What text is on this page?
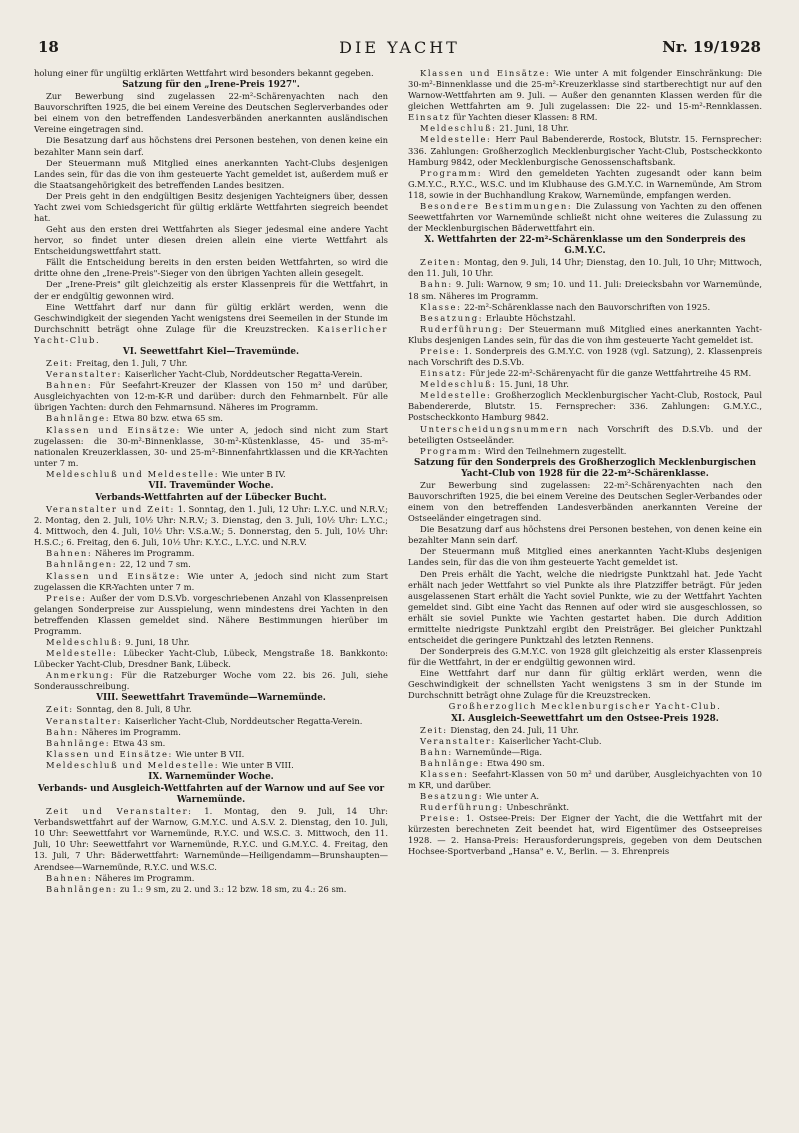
18	DIE YACHT	Nr. 19/1928

holung einer für ungültig erklärten Wettfahrt wird besonders bekannt gegeben.

Satzung für den „Irene-Preis 1927".

Zur Bewerbung sind zugelassen 22-m²-Schärenyachten nach den Bauvorschriften 1925, die bei einem Vereine des Deutschen Seglerverbandes oder bei einem von den betreffenden Landesverbänden anerkannten ausländischen Vereine eingetragen sind.

Die Besatzung darf aus höchstens drei Personen bestehen, von denen keine ein bezahlter Mann sein darf.

Der Steuermann muß Mitglied eines anerkannten Yacht-Clubs desjenigen Landes sein, für das die von ihm gesteuerte Yacht gemeldet ist, außerdem muß er die Staatsangehörigkeit des betreffenden Landes besitzen.

Der Preis geht in den endgültigen Besitz desjenigen Yachteigners über, dessen Yacht zwei vom Schiedsgericht für gültig erklärte Wettfahrten siegreich beendet hat.

Geht aus den ersten drei Wettfahrten als Sieger jedesmal eine andere Yacht hervor, so findet unter diesen dreien allein eine vierte Wettfahrt als Entscheidungswettfahrt statt.

Fällt die Entscheidung bereits in den ersten beiden Wettfahrten, so wird die dritte ohne den „Irene-Preis"-Sieger von den übrigen Yachten allein gesegelt.

Der „Irene-Preis" gilt gleichzeitig als erster Klassenpreis für die Wettfahrt, in der er endgültig gewonnen wird.

Eine Wettfahrt darf nur dann für gültig erklärt werden, wenn die Geschwindigkeit der siegenden Yacht wenigstens drei Seemeilen in der Stunde im Durchschnitt beträgt ohne Zulage für die Kreuzstrecken. Kaiserlicher Yacht-Club.

VI. Seewettfahrt Kiel—Travemünde.

Zeit: Freitag, den 1. Juli, 7 Uhr.

Veranstalter: Kaiserlicher Yacht-Club, Norddeutscher Regatta-Verein.

Bahnen: Für Seefahrt-Kreuzer der Klassen von 150 m² und darüber, Ausgleichyachten von 12-m-K-R und darüber: durch den Fehmarnbelt. Für alle übrigen Yachten: durch den Fehmarnsund. Näheres im Programm.

Bahnlänge: Etwa 80 bzw. etwa 65 sm.

Klassen und Einsätze: Wie unter A, jedoch sind nicht zum Start zugelassen: die 30-m²-Binnenklasse, 30-m²-Küstenklasse, 45- und 35-m²- nationalen Kreuzerklassen, 30- und 25-m²-Binnenfahrtklassen und die KR-Yachten unter 7 m.

Meldeschluß und Meldestelle: Wie unter B IV.

VII. Travemünder Woche.
Verbands-Wettfahrten auf der Lübecker Bucht.

Veranstalter und Zeit: 1. Sonntag, den 1. Juli, 12 Uhr: L.Y.C. und N.R.V.; 2. Montag, den 2. Juli, 10½ Uhr: N.R.V.; 3. Dienstag, den 3. Juli, 10½ Uhr: L.Y.C.; 4. Mittwoch, den 4. Juli, 10½ Uhr: V.S.a.W.; 5. Donnerstag, den 5. Juli, 10½ Uhr: H.S.C.; 6. Freitag, den 6. Juli, 10½ Uhr: K.Y.C., L.Y.C. und N.R.V.

Bahnen: Näheres im Programm.

Bahnlängen: 22, 12 und 7 sm.

Klassen und Einsätze: Wie unter A, jedoch sind nicht zum Start zugelassen die KR-Yachten unter 7 m.

Preise: Außer der vom D.S.Vb. vorgeschriebenen Anzahl von Klassenpreisen gelangen Sonderpreise zur Ausspielung, wenn mindestens drei Yachten in den betreffenden Klassen gemeldet sind. Nähere Bestimmungen hierüber im Programm.

Meldeschluß: 9. Juni, 18 Uhr.

Meldestelle: Lübecker Yacht-Club, Lübeck, Mengstraße 18. Bankkonto: Lübecker Yacht-Club, Dresdner Bank, Lübeck.

Anmerkung: Für die Ratzeburger Woche vom 22. bis 26. Juli, siehe Sonderausschreibung.

VIII. Seewettfahrt Travemünde—Warnemünde.

Zeit: Sonntag, den 8. Juli, 8 Uhr.

Veranstalter: Kaiserlicher Yacht-Club, Norddeutscher Regatta-Verein.

Bahn: Näheres im Programm.

Bahnlänge: Etwa 43 sm.

Klassen und Einsätze: Wie unter B VII.

Meldeschluß und Meldestelle: Wie unter B VIII.

IX. Warnemünder Woche.
Verbands- und Ausgleich-Wettfahrten auf der Warnow und auf See vor Warnemünde.

Zeit und Veranstalter: 1. Montag, den 9. Juli, 14 Uhr: Verbandswettfahrt auf der Warnow, G.M.Y.C. und A.S.V. 2. Dienstag, den 10. Juli, 10 Uhr: Seewettfahrt vor Warnemünde, R.Y.C. und W.S.C. 3. Mittwoch, den 11. Juli, 10 Uhr: Seewettfahrt vor Warnemünde, R.Y.C. und G.M.Y.C. 4. Freitag, den 13. Juli, 7 Uhr: Bäderwettfahrt: Warnemünde—Heiligendamm—Brunshaupten—Arendsee—Warnemünde, R.Y.C. und W.S.C.

Bahnen: Näheres im Programm.

Bahnlängen: zu 1.: 9 sm, zu 2. und 3.: 12 bzw. 18 sm, zu 4.: 26 sm.

Klassen und Einsätze: Wie unter A mit folgender Einschränkung: Die 30-m²-Binnenklasse und die 25-m²-Kreuzerklasse sind startberechtigt nur auf den Warnow-Wettfahrten am 9. Juli. — Außer den genannten Klassen werden für die gleichen Wettfahrten am 9. Juli zugelassen: Die 22- und 15-m²-Rennklassen. Einsatz für Yachten dieser Klassen: 8 RM.

Meldeschluß: 21. Juni, 18 Uhr.

Meldestelle: Herr Paul Babendererde, Rostock, Blutstr. 15. Fernsprecher: 336. Zahlungen: Großherzoglich Mecklenburgischer Yacht-Club, Postscheckkonto Hamburg 9842, oder Mecklenburgische Genossenschaftsbank.

Programm: Wird den gemeldeten Yachten zugesandt oder kann beim G.M.Y.C., R.Y.C., W.S.C. und im Klubhause des G.M.Y.C. in Warnemünde, Am Strom 118, sowie in der Buchhandlung Krakow, Warnemünde, empfangen werden.

Besondere Bestimmungen: Die Zulassung von Yachten zu den offenen Seewettfahrten vor Warnemünde schließt nicht ohne weiteres die Zulassung zu der Mecklenburgischen Bäderwettfahrt ein.

X. Wettfahrten der 22-m²-Schärenklasse um den Sonderpreis des G.M.Y.C.

Zeiten: Montag, den 9. Juli, 14 Uhr; Dienstag, den 10. Juli, 10 Uhr; Mittwoch, den 11. Juli, 10 Uhr.

Bahn: 9. Juli: Warnow, 9 sm; 10. und 11. Juli: Dreiecksbahn vor Warnemünde, 18 sm. Näheres im Programm.

Klasse: 22-m²-Schärenklasse nach den Bauvorschriften von 1925.

Besatzung: Erlaubte Höchstzahl.

Ruderführung: Der Steuermann muß Mitglied eines anerkannten Yacht-Klubs desjenigen Landes sein, für das die von ihm gesteuerte Yacht gemeldet ist.

Preise: 1. Sonderpreis des G.M.Y.C. von 1928 (vgl. Satzung), 2. Klassenpreis nach Vorschrift des D.S.Vb.

Einsatz: Für jede 22-m²-Schärenyacht für die ganze Wettfahrtreihe 45 RM.

Meldeschluß: 15. Juni, 18 Uhr.

Meldestelle: Großherzoglich Mecklenburgischer Yacht-Club, Rostock, Paul Babendererde, Blutstr. 15. Fernsprecher: 336. Zahlungen: G.M.Y.C., Postscheckkonto Hamburg 9842.

Unterscheidungsnummern nach Vorschrift des D.S.Vb. und der beteiligten Ostseeländer.

Programm: Wird den Teilnehmern zugestellt.

Satzung für den Sonderpreis des Großherzoglich Mecklenburgischen Yacht-Club von 1928 für die 22-m²-Schärenklasse.

Zur Bewerbung sind zugelassen: 22-m²-Schärenyachten nach den Bauvorschriften 1925, die bei einem Vereine des Deutschen Segler-Verbandes oder einem von den betreffenden Landesverbänden anerkannten Vereine der Ostseeländer eingetragen sind.

Die Besatzung darf aus höchstens drei Personen bestehen, von denen keine ein bezahlter Mann sein darf.

Der Steuermann muß Mitglied eines anerkannten Yacht-Klubs desjenigen Landes sein, für das die von ihm gesteuerte Yacht gemeldet ist.

Den Preis erhält die Yacht, welche die niedrigste Punktzahl hat. Jede Yacht erhält nach jeder Wettfahrt so viel Punkte als ihre Platzziffer beträgt. Für jeden ausgelassenen Start erhält die Yacht soviel Punkte, wie zu der Wettfahrt Yachten gemeldet sind. Gibt eine Yacht das Rennen auf oder wird sie ausgeschlossen, so erhält sie soviel Punkte wie Yachten gestartet haben. Die durch Addition ermittelte niedrigste Punktzahl ergibt den Preisträger. Bei gleicher Punktzahl entscheidet die geringere Punktzahl des letzten Rennens.

Der Sonderpreis des G.M.Y.C. von 1928 gilt gleichzeitig als erster Klassenpreis für die Wettfahrt, in der er endgültig gewonnen wird.

Eine Wettfahrt darf nur dann für gültig erklärt werden, wenn die Geschwindigkeit der schnellsten Yacht wenigstens 3 sm in der Stunde im Durchschnitt beträgt ohne Zulage für die Kreuzstrecken.

Großherzoglich Mecklenburgischer Yacht-Club.

XI. Ausgleich-Seewettfahrt um den Ostsee-Preis 1928.

Zeit: Dienstag, den 24. Juli, 11 Uhr.

Veranstalter: Kaiserlicher Yacht-Club.

Bahn: Warnemünde—Riga.

Bahnlänge: Etwa 490 sm.

Klassen: Seefahrt-Klassen von 50 m² und darüber, Ausgleichyachten von 10 m KR, und darüber.

Besatzung: Wie unter A.

Ruderführung: Unbeschränkt.

Preise: 1. Ostsee-Preis: Der Eigner der Yacht, die die Wettfahrt mit der kürzesten berechneten Zeit beendet hat, wird Eigentümer des Ostseepreises 1928. — 2. Hansa-Preis: Herausforderungspreis, gegeben von dem Deutschen Hochsee-Sportverband „Hansa" e. V., Berlin. — 3. Ehrenpreis
